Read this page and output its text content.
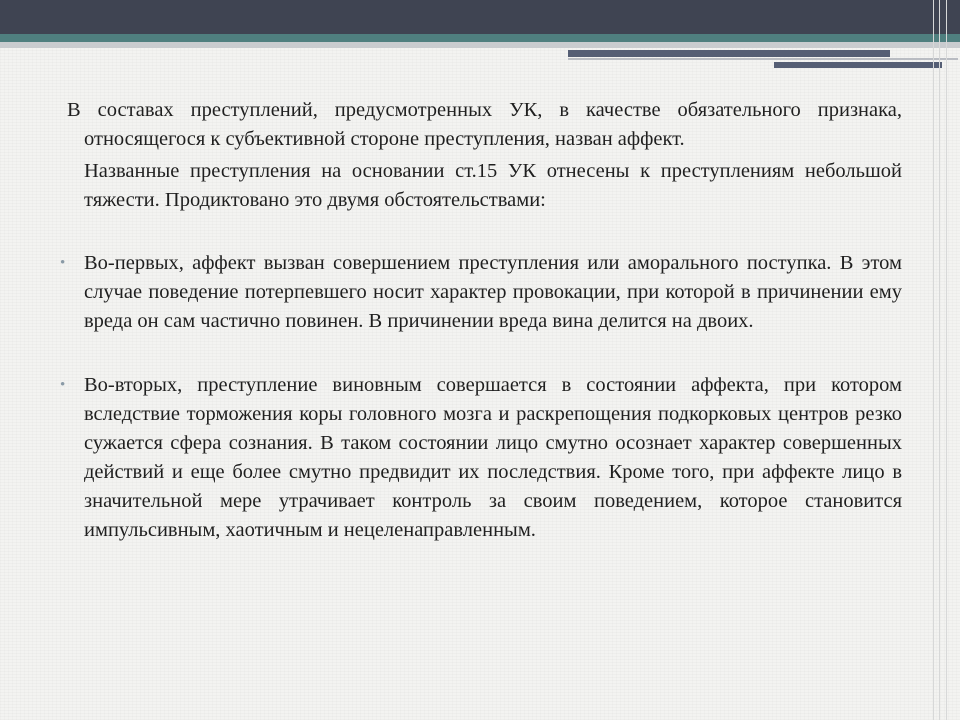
В составах преступлений, предусмотренных УК, в качестве обязательного признака, относящегося к субъективной стороне преступления, назван аффект.

Названные преступления на основании ст.15 УК отнесены к преступлениям небольшой тяжести. Продиктовано это двумя обстоятельствами:

• Во-первых, аффект вызван совершением преступления или аморального поступка. В этом случае поведение потерпевшего носит характер провокации, при которой в причинении ему вреда он сам частично повинен. В причинении вреда вина делится на двоих.
• Во-вторых, преступление виновным совершается в состоянии аффекта, при котором вследствие торможения коры головного мозга и раскрепощения подкорковых центров резко сужается сфера сознания. В таком состоянии лицо смутно осознает характер совершенных действий и еще более смутно предвидит их последствия. Кроме того, при аффекте лицо в значительной мере утрачивает контроль за своим поведением, которое становится импульсивным, хаотичным и нецеленаправленным.
